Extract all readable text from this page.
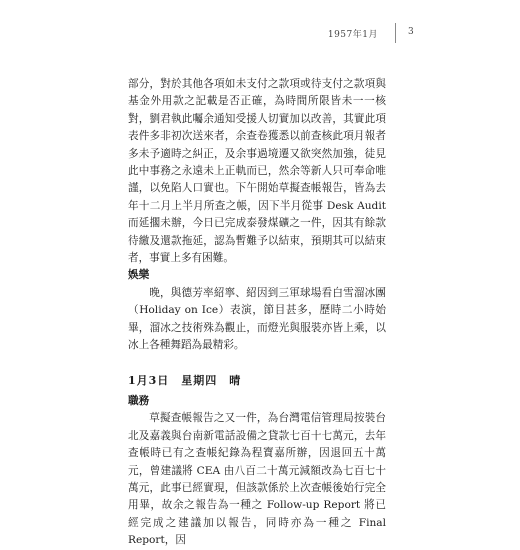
1957年1月	3

部分，對於其他各項如未支付之款項或待支付之款項與基金外用款之記載是否正確，為時間所限皆未一一核對，劉君執此囑余通知受援人切實加以改善，其實此項表件多非初次送來者，余查卷獲悉以前查核此項月報者多未予適時之糾正，及余事過境遷又欲突然加強，徒見此中事務之永遠未上正軌而已，然余等新人只可奉命唯謹，以免陷人口實也。下午開始草擬查帳報告，皆為去年十二月上半月所查之帳，因下半月從事 Desk Audit 而延擱未辦，今日已完成泰發煤礦之一件，因其有餘款待繳及還款拖延，認為暫難予以結束，預期其可以結束者，事實上多有困難。

娛樂

晚，與德芳率紹寧、紹因到三軍球場看白雪溜冰團（Holiday on Ice）表演，節目甚多，歷時二小時始畢，溜冰之技術殊為觀止，而燈光與服裝亦皆上乘，以冰上各種舞蹈為最精彩。

1月3日　星期四　晴

職務

草擬查帳報告之又一件，為台灣電信管理局按裝台北及嘉義與台南新電話設備之貸款七百十七萬元，去年查帳時已有之查帳紀錄為程寶嘉所辦，因退回五十萬元，曾建議將 CEA 由八百二十萬元減額改為七百七十萬元，此事已經實現，但該款係於上次查帳後始行完全用畢，故余之報告為一種之 Follow-up Report 將已經完成之建議加以報告，同時亦為一種之 Final Report，因
